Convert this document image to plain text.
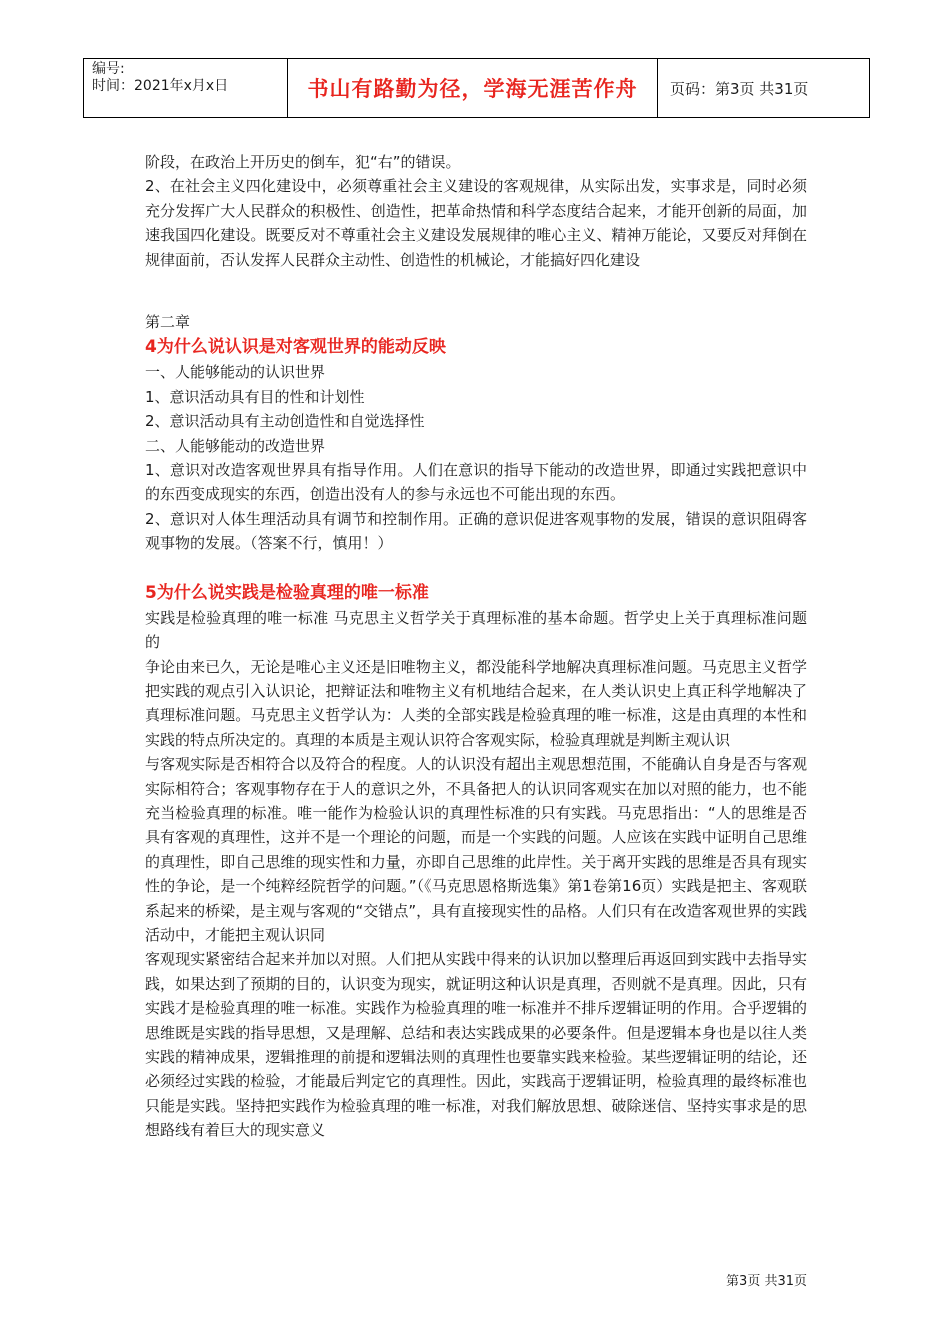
编号:
时间：2021年x月x日	书山有路勤为径，学海无涯苦作舟	页码：第3页 共31页

阶段，在政治上开历史的倒车，犯“右”的错误。

2、在社会主义四化建设中，必须尊重社会主义建设的客观规律，从实际出发，实事求是，同时必须充分发挥广大人民群众的积极性、创造性，把革命热情和科学态度结合起来，才能开创新的局面，加速我国四化建设。既要反对不尊重社会主义建设发展规律的唯心主义、精神万能论，又要反对拜倒在规律面前，否认发挥人民群众主动性、创造性的机械论，才能搞好四化建设

第二章

4为什么说认识是对客观世界的能动反映

一、人能够能动的认识世界

1、意识活动具有目的性和计划性

2、意识活动具有主动创造性和自觉选择性

二、人能够能动的改造世界

1、意识对改造客观世界具有指导作用。人们在意识的指导下能动的改造世界，即通过实践把意识中的东西变成现实的东西，创造出没有人的参与永远也不可能出现的东西。

2、意识对人体生理活动具有调节和控制作用。正确的意识促进客观事物的发展，错误的意识阻碍客观事物的发展。（答案不行，慎用！）

5为什么说实践是检验真理的唯一标准

实践是检验真理的唯一标准 马克思主义哲学关于真理标准的基本命题。哲学史上关于真理标准问题的

争论由来已久，无论是唯心主义还是旧唯物主义，都没能科学地解决真理标准问题。马克思主义哲学把实践的观点引入认识论，把辩证法和唯物主义有机地结合起来，在人类认识史上真正科学地解决了真理标准问题。马克思主义哲学认为：人类的全部实践是检验真理的唯一标准，这是由真理的本性和实践的特点所决定的。真理的本质是主观认识符合客观实际，检验真理就是判断主观认识

与客观实际是否相符合以及符合的程度。人的认识没有超出主观思想范围，不能确认自身是否与客观实际相符合；客观事物存在于人的意识之外，不具备把人的认识同客观实在加以对照的能力，也不能充当检验真理的标准。唯一能作为检验认识的真理性标准的只有实践。马克思指出：“人的思维是否具有客观的真理性，这并不是一个理论的问题，而是一个实践的问题。人应该在实践中证明自己思维的真理性，即自己思维的现实性和力量，亦即自己思维的此岸性。关于离开实践的思维是否具有现实性的争论，是一个纯粹经院哲学的问题。”（《马克思恩格斯选集》第1卷第16页）实践是把主、客观联系起来的桥梁，是主观与客观的“交错点”，具有直接现实性的品格。人们只有在改造客观世界的实践活动中，才能把主观认识同

客观现实紧密结合起来并加以对照。人们把从实践中得来的认识加以整理后再返回到实践中去指导实践，如果达到了预期的目的，认识变为现实，就证明这种认识是真理，否则就不是真理。因此，只有实践才是检验真理的唯一标准。实践作为检验真理的唯一标准并不排斥逻辑证明的作用。合乎逻辑的思维既是实践的指导思想，又是理解、总结和表达实践成果的必要条件。但是逻辑本身也是以往人类实践的精神成果，逻辑推理的前提和逻辑法则的真理性也要靠实践来检验。某些逻辑证明的结论，还必须经过实践的检验，才能最后判定它的真理性。因此，实践高于逻辑证明，检验真理的最终标准也只能是实践。坚持把实践作为检验真理的唯一标准，对我们解放思想、破除迷信、坚持实事求是的思想路线有着巨大的现实意义

第3页 共31页
